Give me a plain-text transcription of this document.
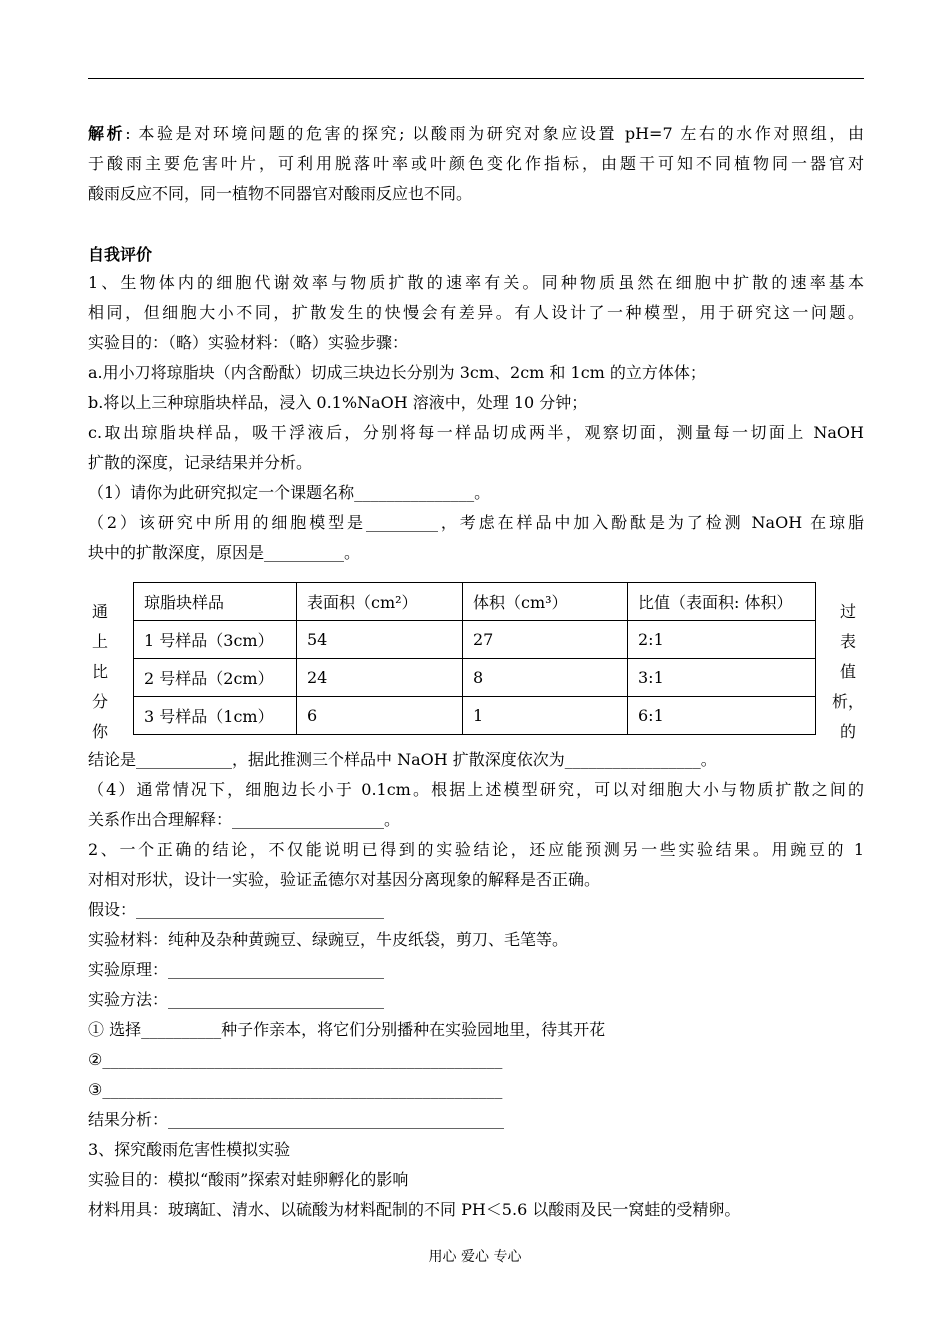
解析: 本验是对环境问题的危害的探究; 以酸雨为研究对象应设置 pH=7 左右的水作对照组，由
于酸雨主要危害叶片，可利用脱落叶率或叶颜色变化作指标，由题干可知不同植物同一器官对
酸雨反应不同，同一植物不同器官对酸雨反应也不同。
自我评价
1、生物体内的细胞代谢效率与物质扩散的速率有关。同种物质虽然在细胞中扩散的速率基本
相同，但细胞大小不同，扩散发生的快慢会有差异。有人设计了一种模型，用于研究这一问题。
实验目的：（略）实验材料：（略）实验步骤：
a.用小刀将琼脂块（内含酚酞）切成三块边长分别为 3cm、2cm 和 1cm 的立方体体；
b.将以上三种琼脂块样品，浸入 0.1%NaOH 溶液中，处理 10 分钟；
c.取出琼脂块样品，吸干浮液后，分别将每一样品切成两半，观察切面，测量每一切面上 NaOH
扩散的深度，记录结果并分析。
（1）请你为此研究拟定一个课题名称_______________。
（2）该研究中所用的细胞模型是_________，考虑在样品中加入酚酞是为了检测 NaOH 在琼脂
块中的扩散深度，原因是__________。
通
上
比
分
你
过
表
值
析，
的
琼脂块样品	表面积（cm²）	体积（cm³）	比值（表面积: 体积）
1 号样品（3cm）	54	27	2:1
2 号样品（2cm）	24	8	3:1
3 号样品（1cm）	6	1	6:1
结论是____________，据此推测三个样品中 NaOH 扩散深度依次为_________________。
（4）通常情况下，细胞边长小于 0.1cm。根据上述模型研究，可以对细胞大小与物质扩散之间的
关系作出合理解释：___________________。
2、一个正确的结论，不仅能说明已得到的实验结论，还应能预测另一些实验结果。用豌豆的 1
对相对形状，设计一实验，验证孟德尔对基因分离现象的解释是否正确。
假设：_______________________________
实验材料：纯种及杂种黄豌豆、绿豌豆，牛皮纸袋，剪刀、毛笔等。
实验原理：___________________________
实验方法：___________________________
① 选择__________种子作亲本，将它们分别播种在实验园地里，待其开花
②__________________________________________________
③__________________________________________________
结果分析：__________________________________________
3、探究酸雨危害性模拟实验
实验目的：模拟“酸雨”探索对蛙卵孵化的影响
材料用具：玻璃缸、清水、以硫酸为材料配制的不同 PH＜5.6 以酸雨及民一窝蛙的受精卵。
用心 爱心 专心
